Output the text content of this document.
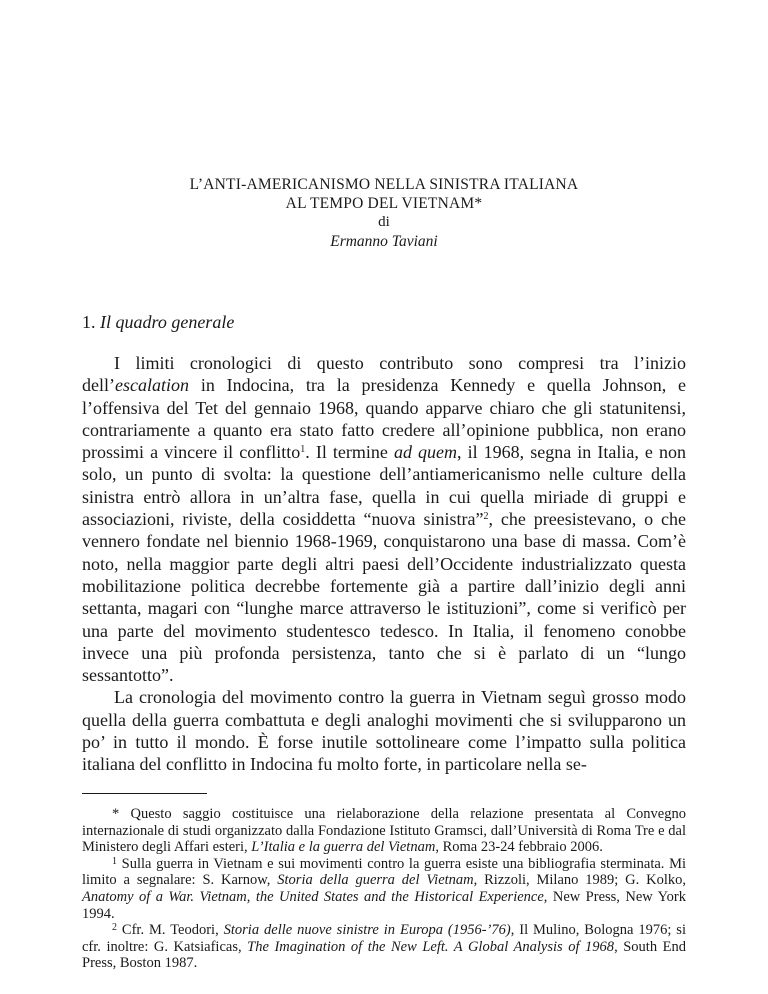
L’ANTI-AMERICANISMO NELLA SINISTRA ITALIANA
AL TEMPO DEL VIETNAM*
di
Ermanno Taviani
1. Il quadro generale

I limiti cronologici di questo contributo sono compresi tra l’inizio dell’escalation in Indocina, tra la presidenza Kennedy e quella Johnson, e l’offensiva del Tet del gennaio 1968, quando apparve chiaro che gli statunitensi, contrariamente a quanto era stato fatto credere all’opinione pubblica, non erano prossimi a vincere il conflitto$^1$. Il termine ad quem, il 1968, segna in Italia, e non solo, un punto di svolta: la questione dell’antiamericanismo nelle culture della sinistra entrò allora in un’altra fase, quella in cui quella miriade di gruppi e associazioni, riviste, della cosiddetta “nuova sinistra”$^2$, che preesistevano, o che vennero fondate nel biennio 1968-1969, conquistarono una base di massa. Com’è noto, nella maggior parte degli altri paesi dell’Occidente industrializzato questa mobilitazione politica decrebbe fortemente già a partire dall’inizio degli anni settanta, magari con “lunghe marce attraverso le istituzioni”, come si verificò per una parte del movimento studentesco tedesco. In Italia, il fenomeno conobbe invece una più profonda persistenza, tanto che si è parlato di un “lungo sessantotto”.

La cronologia del movimento contro la guerra in Vietnam seguì grosso modo quella della guerra combattuta e degli analoghi movimenti che si svilupparono un po’ in tutto il mondo. È forse inutile sottolineare come l’impatto sulla politica italiana del conflitto in Indocina fu molto forte, in particolare nella se-

* Questo saggio costituisce una rielaborazione della relazione presentata al Convegno internazionale di studi organizzato dalla Fondazione Istituto Gramsci, dall’Università di Roma Tre e dal Ministero degli Affari esteri, L’Italia e la guerra del Vietnam, Roma 23-24 febbraio 2006.

$^1$ Sulla guerra in Vietnam e sui movimenti contro la guerra esiste una bibliografia sterminata. Mi limito a segnalare: S. Karnow, Storia della guerra del Vietnam, Rizzoli, Milano 1989; G. Kolko, Anatomy of a War. Vietnam, the United States and the Historical Experience, New Press, New York 1994.

$^2$ Cfr. M. Teodori, Storia delle nuove sinistre in Europa (1956-’76), Il Mulino, Bologna 1976; si cfr. inoltre: G. Katsiaficas, The Imagination of the New Left. A Global Analysis of 1968, South End Press, Boston 1987.
